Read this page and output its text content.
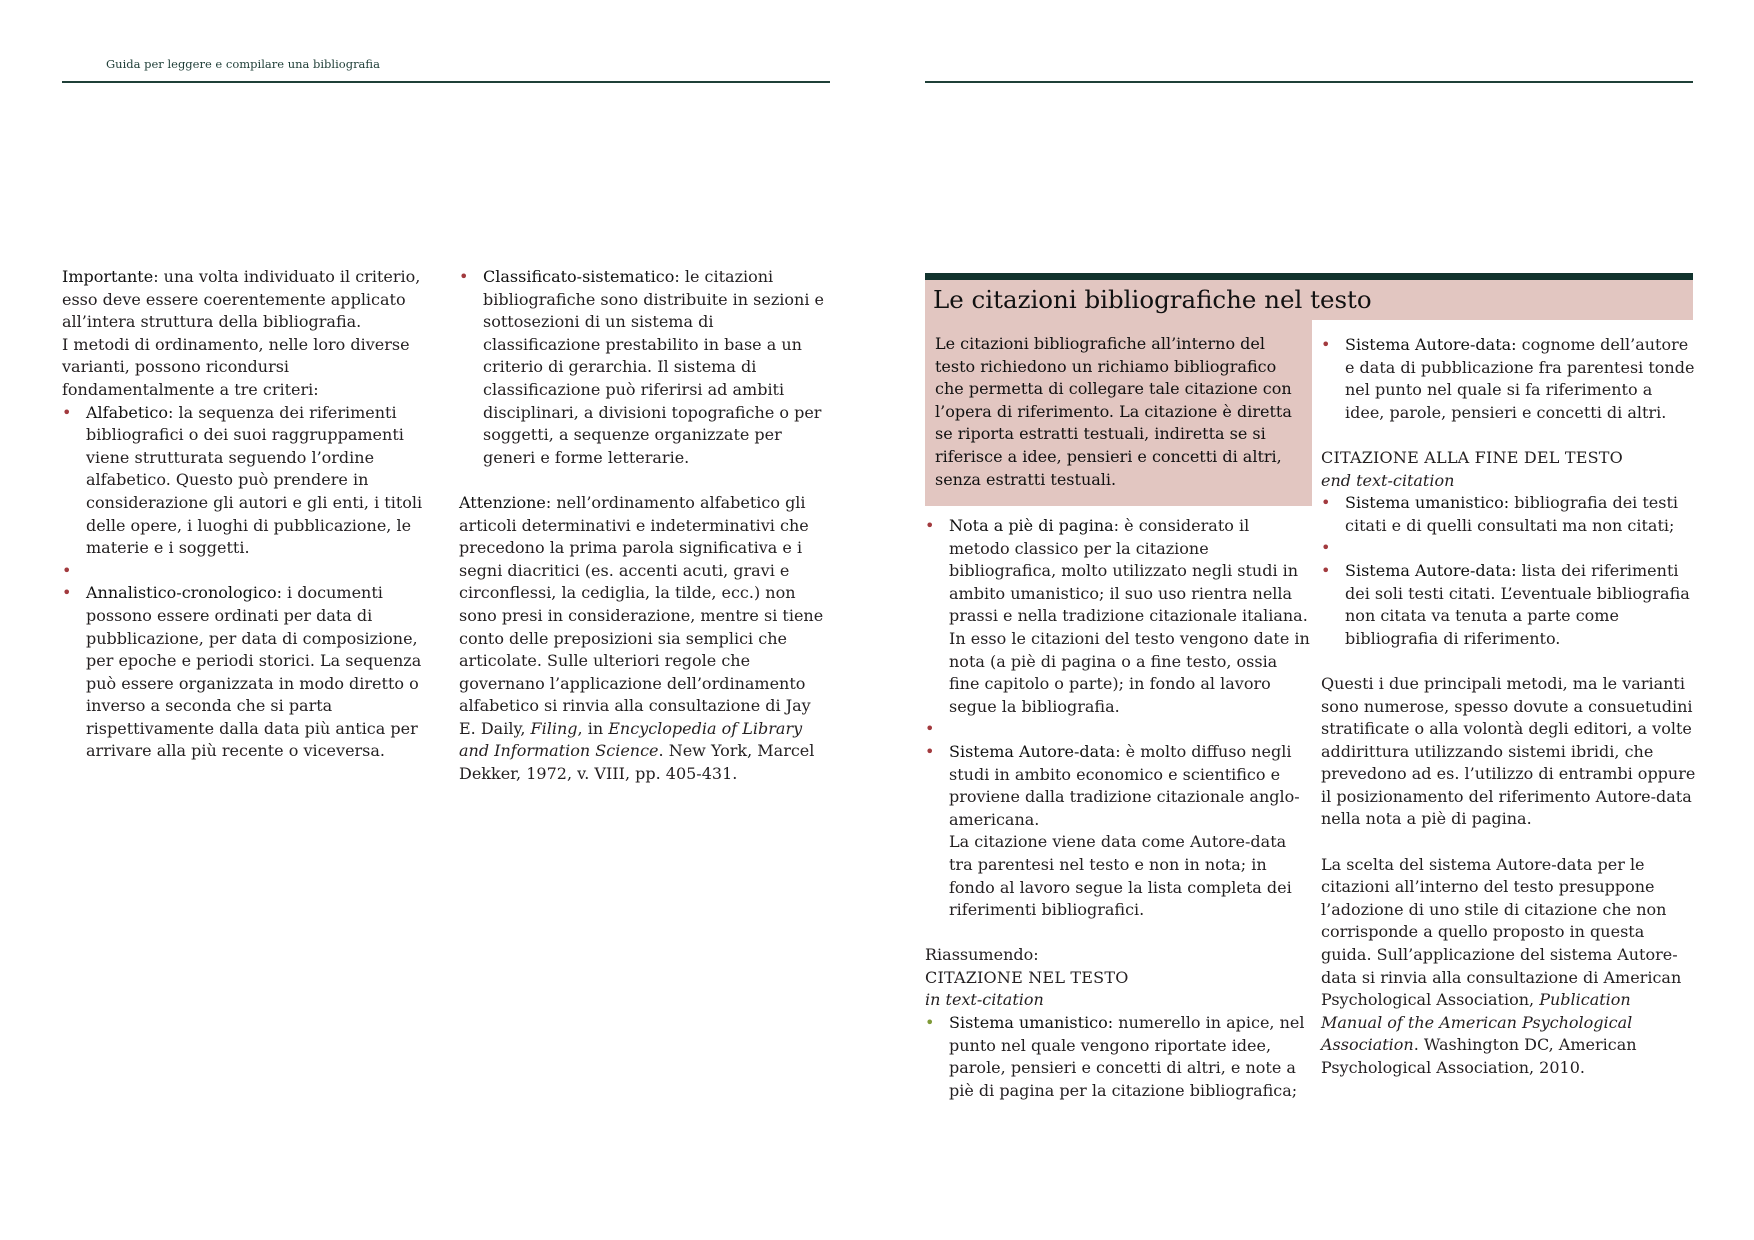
Guida per leggere e compilare una bibliografia

Importante: una volta individuato il criterio, esso deve essere coerentemente applicato all’intera struttura della bibliografia.

I metodi di ordinamento, nelle loro diverse varianti, possono ricondursi fondamentalmente a tre criteri:

• Alfabetico: la sequenza dei riferimenti bibliografici o dei suoi raggruppamenti viene strutturata seguendo l’ordine alfabetico. Questo può prendere in considerazione gli autori e gli enti, i titoli delle opere, i luoghi di pubblicazione, le materie e i soggetti.
•
• Annalistico-cronologico: i documenti possono essere ordinati per data di pubblicazione, per data di composizione, per epoche e periodi storici. La sequenza può essere organizzata in modo diretto o inverso a seconda che si parta rispettivamente dalla data più antica per arrivare alla più recente o viceversa.
• Classificato-sistematico: le citazioni bibliografiche sono distribuite in sezioni e sottosezioni di un sistema di classificazione prestabilito in base a un criterio di gerarchia. Il sistema di classificazione può riferirsi ad ambiti disciplinari, a divisioni topografiche o per soggetti, a sequenze organizzate per generi e forme letterarie.

Attenzione: nell’ordinamento alfabetico gli articoli determinativi e indeterminativi che precedono la prima parola significativa e i segni diacritici (es. accenti acuti, gravi e circonflessi, la cediglia, la tilde, ecc.) non sono presi in considerazione, mentre si tiene conto delle preposizioni sia semplici che articolate. Sulle ulteriori regole che governano l’applicazione dell’ordinamento alfabetico si rinvia alla consultazione di Jay E. Daily, Filing, in Encyclopedia of Library and Information Science. New York, Marcel Dekker, 1972, v. VIII, pp. 405-431.

Le citazioni bibliografiche nel testo

Le citazioni bibliografiche all’interno del testo richiedono un richiamo bibliografico che permetta di collegare tale citazione con l’opera di riferimento. La citazione è diretta se riporta estratti testuali, indiretta se si riferisce a idee, pensieri e concetti di altri, senza estratti testuali.

• Nota a piè di pagina: è considerato il metodo classico per la citazione bibliografica, molto utilizzato negli studi in ambito umanistico; il suo uso rientra nella prassi e nella tradizione citazionale italiana. In esso le citazioni del testo vengono date in nota (a piè di pagina o a fine testo, ossia fine capitolo o parte); in fondo al lavoro segue la bibliografia.
•
• Sistema Autore-data: è molto diffuso negli studi in ambito economico e scientifico e proviene dalla tradizione citazionale anglo-americana.
La citazione viene data come Autore-data tra parentesi nel testo e non in nota; in fondo al lavoro segue la lista completa dei riferimenti bibliografici.

Riassumendo:

CITAZIONE NEL TESTO

in text-citation

• Sistema umanistico: numerello in apice, nel punto nel quale vengono riportate idee, parole, pensieri e concetti di altri, e note a piè di pagina per la citazione bibliografica;
• Sistema Autore-data: cognome dell’autore e data di pubblicazione fra parentesi tonde nel punto nel quale si fa riferimento a idee, parole, pensieri e concetti di altri.

CITAZIONE ALLA FINE DEL TESTO

end text-citation

• Sistema umanistico: bibliografia dei testi citati e di quelli consultati ma non citati;
•
• Sistema Autore-data: lista dei riferimenti dei soli testi citati. L’eventuale bibliografia non citata va tenuta a parte come bibliografia di riferimento.

Questi i due principali metodi, ma le varianti sono numerose, spesso dovute a consuetudini stratificate o alla volontà degli editori, a volte addirittura utilizzando sistemi ibridi, che prevedono ad es. l’utilizzo di entrambi oppure il posizionamento del riferimento Autore-data nella nota a piè di pagina.

La scelta del sistema Autore-data per le citazioni all’interno del testo presuppone l’adozione di uno stile di citazione che non corrisponde a quello proposto in questa guida. Sull’applicazione del sistema Autore-data si rinvia alla consultazione di American Psychological Association, Publication Manual of the American Psychological Association. Washington DC, American Psychological Association, 2010.
